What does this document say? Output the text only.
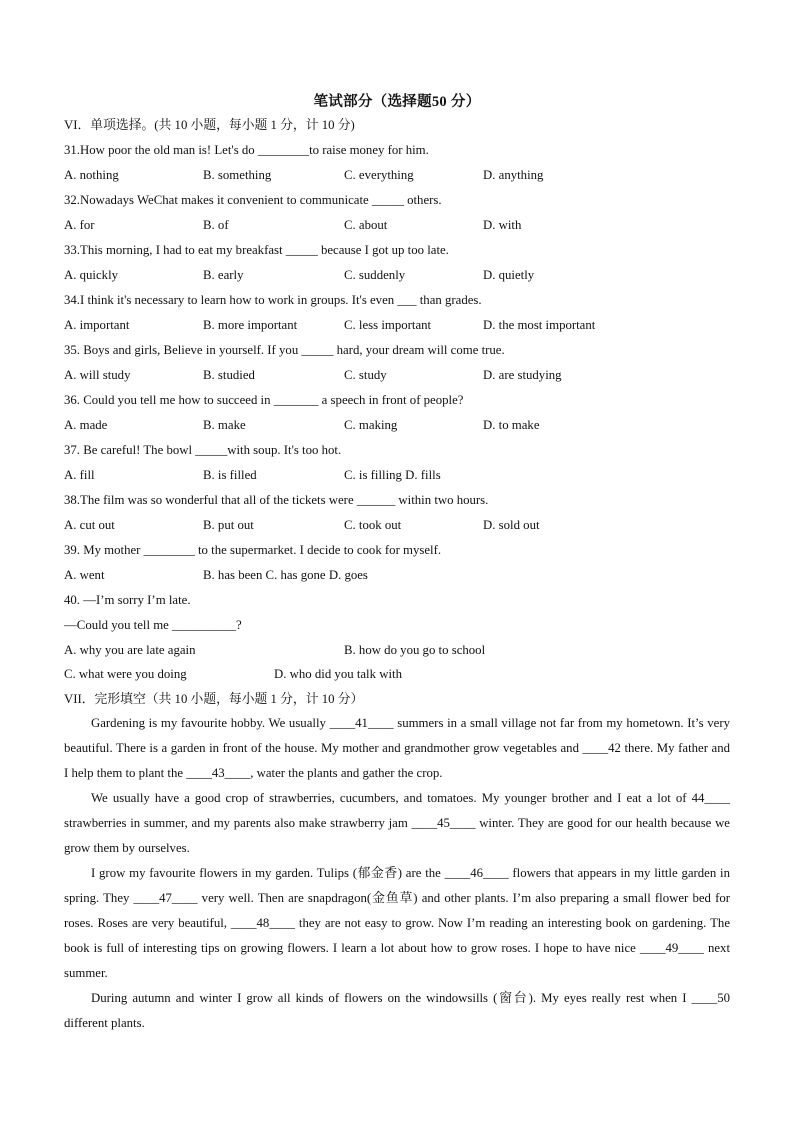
笔试部分（选择题50 分）
VI．单项选择。(共 10 小题，每小题 1 分，计 10 分)
31.How poor the old man is! Let's do ________to raise money for him.
A. nothing	B. something	C. everything	D. anything
32.Nowadays WeChat makes it convenient to communicate _____ others.
A. for	B. of	C. about	D. with
33.This morning, I had to eat my breakfast _____ because I got up too late.
A. quickly	B. early	C. suddenly	D. quietly
34.I think it's necessary to learn how to work in groups. It's even ___ than grades.
A. important	B. more important	C. less important	D. the most important
35. Boys and girls, Believe in yourself. If you _____ hard, your dream will come true.
A. will study	B. studied	C. study	D. are studying
36. Could you tell me how to succeed in _______ a speech in front of people?
A. made	B. make	C. making	D. to make
37. Be careful! The bowl _____with soup. It's too hot.
A. fill	B. is filled	C. is filling D. fills
38.The film was so wonderful that all of the tickets were ______ within two hours.
A. cut out	B. put out	C. took out	D. sold out
39. My mother ________ to the supermarket. I decide to cook for myself.
A. went	B. has been C. has gone D. goes
40. —I’m sorry I’m late.
—Could you tell me __________?
A. why you are late again	B. how do you go to school
C. what were you doing	D. who did you talk with
VII．完形填空（共 10 小题，每小题 1 分，计 10 分）
Gardening is my favourite hobby. We usually ____41____ summers in a small village not far from my hometown. It’s very beautiful. There is a garden in front of the house. My mother and grandmother grow vegetables and ____42 there. My father and I help them to plant the ____43____, water the plants and gather the crop.
We usually have a good crop of strawberries, cucumbers, and tomatoes. My younger brother and I eat a lot of 44____ strawberries in summer, and my parents also make strawberry jam ____45____ winter. They are good for our health because we grow them by ourselves.
I grow my favourite flowers in my garden. Tulips (郁金香) are the ____46____ flowers that appears in my little garden in spring. They ____47____ very well. Then are snapdragon(金鱼草) and other plants. I’m also preparing a small flower bed for roses. Roses are very beautiful, ____48____ they are not easy to grow. Now I’m reading an interesting book on gardening. The book is full of interesting tips on growing flowers. I learn a lot about how to grow roses. I hope to have nice ____49____ next summer.
During autumn and winter I grow all kinds of flowers on the windowsills (窗台). My eyes really rest when I ____50 different plants.
